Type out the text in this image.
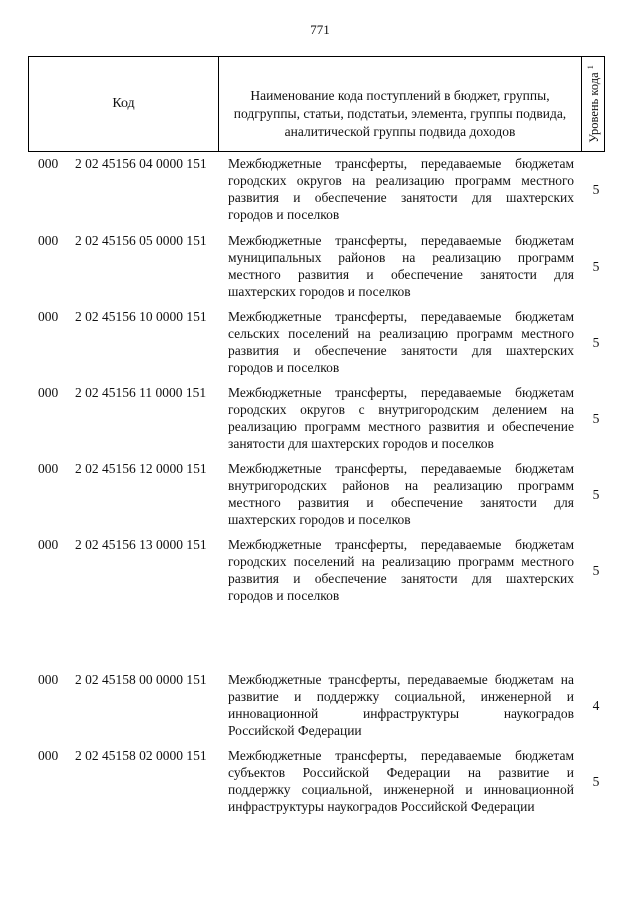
771
Код
Наименование кода поступлений в бюджет, группы, подгруппы, статьи, подстатьи, элемента, группы подвида, аналитической группы подвида доходов	Уровень кода $^1$
000 2 02 45156 04 0000 151 Межбюджетные трансферты, передаваемые бюджетам
городских округов на реализацию программ местного
развития и обеспечение занятости для шахтерских
городов и поселков
5
000 2 02 45156 05 0000 151 Межбюджетные трансферты, передаваемые бюджетам
муниципальных районов на реализацию программ
местного развития и обеспечение занятости для
шахтерских городов и поселков
5
000 2 02 45156 10 0000 151 Межбюджетные трансферты, передаваемые бюджетам
сельских поселений на реализацию программ местного
развития и обеспечение занятости для шахтерских
городов и поселков
5
000 2 02 45156 11 0000 151 Межбюджетные трансферты, передаваемые бюджетам
городских округов с внутригородским делением на
реализацию программ местного развития и обеспечение
занятости для шахтерских городов и поселков
5
000 2 02 45156 12 0000 151 Межбюджетные трансферты, передаваемые бюджетам
внутригородских районов на реализацию программ
местного развития и обеспечение занятости для
шахтерских городов и поселков
5
000 2 02 45156 13 0000 151 Межбюджетные трансферты, передаваемые бюджетам
городских поселений на реализацию программ местного
развития и обеспечение занятости для шахтерских
городов и поселков
5
000 2 02 45158 00 0000 151 Межбюджетные трансферты, передаваемые бюджетам на
развитие и поддержку социальной, инженерной и
инновационной инфраструктуры наукоградов
Российской Федерации
4
000 2 02 45158 02 0000 151 Межбюджетные трансферты, передаваемые бюджетам
субъектов Российской Федерации на развитие и
поддержку социальной, инженерной и инновационной
инфраструктуры наукоградов Российской Федерации
5
